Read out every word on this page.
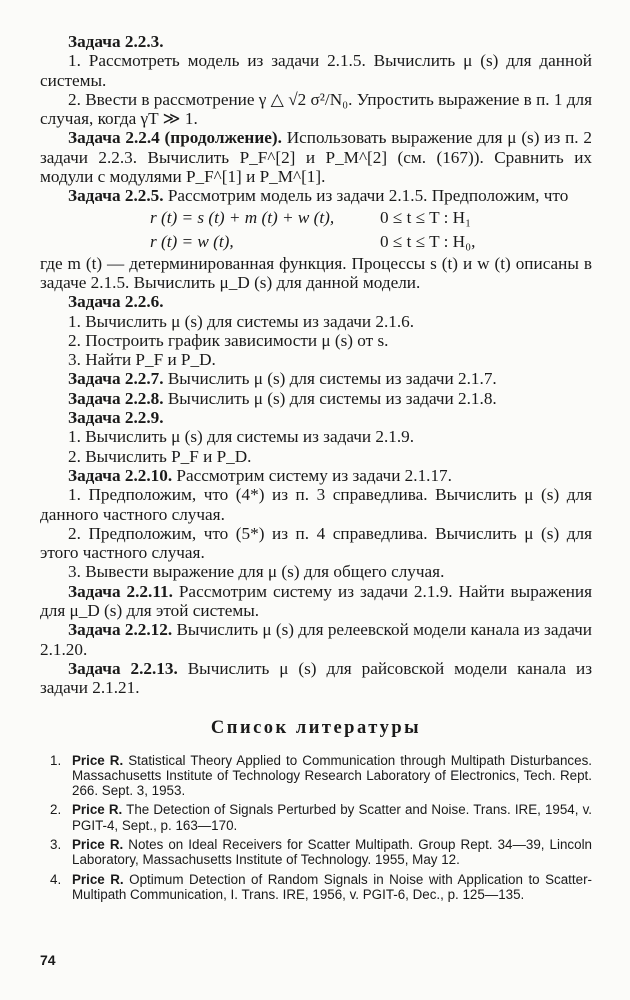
Задача 2.2.3.

1. Рассмотреть модель из задачи 2.1.5. Вычислить μ (s) для данной системы.

2. Ввести в рассмотрение γ △ √2 σ²/N₀. Упростить выражение в п. 1 для случая, когда γT ≫ 1.

Задача 2.2.4 (продолжение). Использовать выражение для μ (s) из п. 2 задачи 2.2.3. Вычислить P_F^[2] и P_M^[2] (см. (167)). Сравнить их модули с модулями P_F^[1] и P_M^[1].

Задача 2.2.5. Рассмотрим модель из задачи 2.1.5. Предположим, что

r (t) = s (t) + m (t) + w (t),	0 ≤ t ≤ T : H₁
r (t) = w (t),	0 ≤ t ≤ T : H₀,

где m (t) — детерминированная функция. Процессы s (t) и w (t) описаны в задаче 2.1.5. Вычислить μ_D (s) для данной модели.

Задача 2.2.6.

1. Вычислить μ (s) для системы из задачи 2.1.6.

2. Построить график зависимости μ (s) от s.

3. Найти P_F и P_D.

Задача 2.2.7. Вычислить μ (s) для системы из задачи 2.1.7.

Задача 2.2.8. Вычислить μ (s) для системы из задачи 2.1.8.

Задача 2.2.9.

1. Вычислить μ (s) для системы из задачи 2.1.9.

2. Вычислить P_F и P_D.

Задача 2.2.10. Рассмотрим систему из задачи 2.1.17.

1. Предположим, что (4*) из п. 3 справедлива. Вычислить μ (s) для данного частного случая.

2. Предположим, что (5*) из п. 4 справедлива. Вычислить μ (s) для этого частного случая.

3. Вывести выражение для μ (s) для общего случая.

Задача 2.2.11. Рассмотрим систему из задачи 2.1.9. Найти выражения для μ_D (s) для этой системы.

Задача 2.2.12. Вычислить μ (s) для релеевской модели канала из задачи 2.1.20.

Задача 2.2.13. Вычислить μ (s) для райсовской модели канала из задачи 2.1.21.

Список литературы

1. Price R. Statistical Theory Applied to Communication through Multipath Disturbances. Massachusetts Institute of Technology Research Laboratory of Electronics, Tech. Rept. 266. Sept. 3, 1953.

2. Price R. The Detection of Signals Perturbed by Scatter and Noise. Trans. IRE, 1954, v. PGIT-4, Sept., p. 163—170.

3. Price R. Notes on Ideal Receivers for Scatter Multipath. Group Rept. 34—39, Lincoln Laboratory, Massachusetts Institute of Technology. 1955, May 12.

4. Price R. Optimum Detection of Random Signals in Noise with Application to Scatter-Multipath Communication, I. Trans. IRE, 1956, v. PGIT-6, Dec., p. 125—135.

74
